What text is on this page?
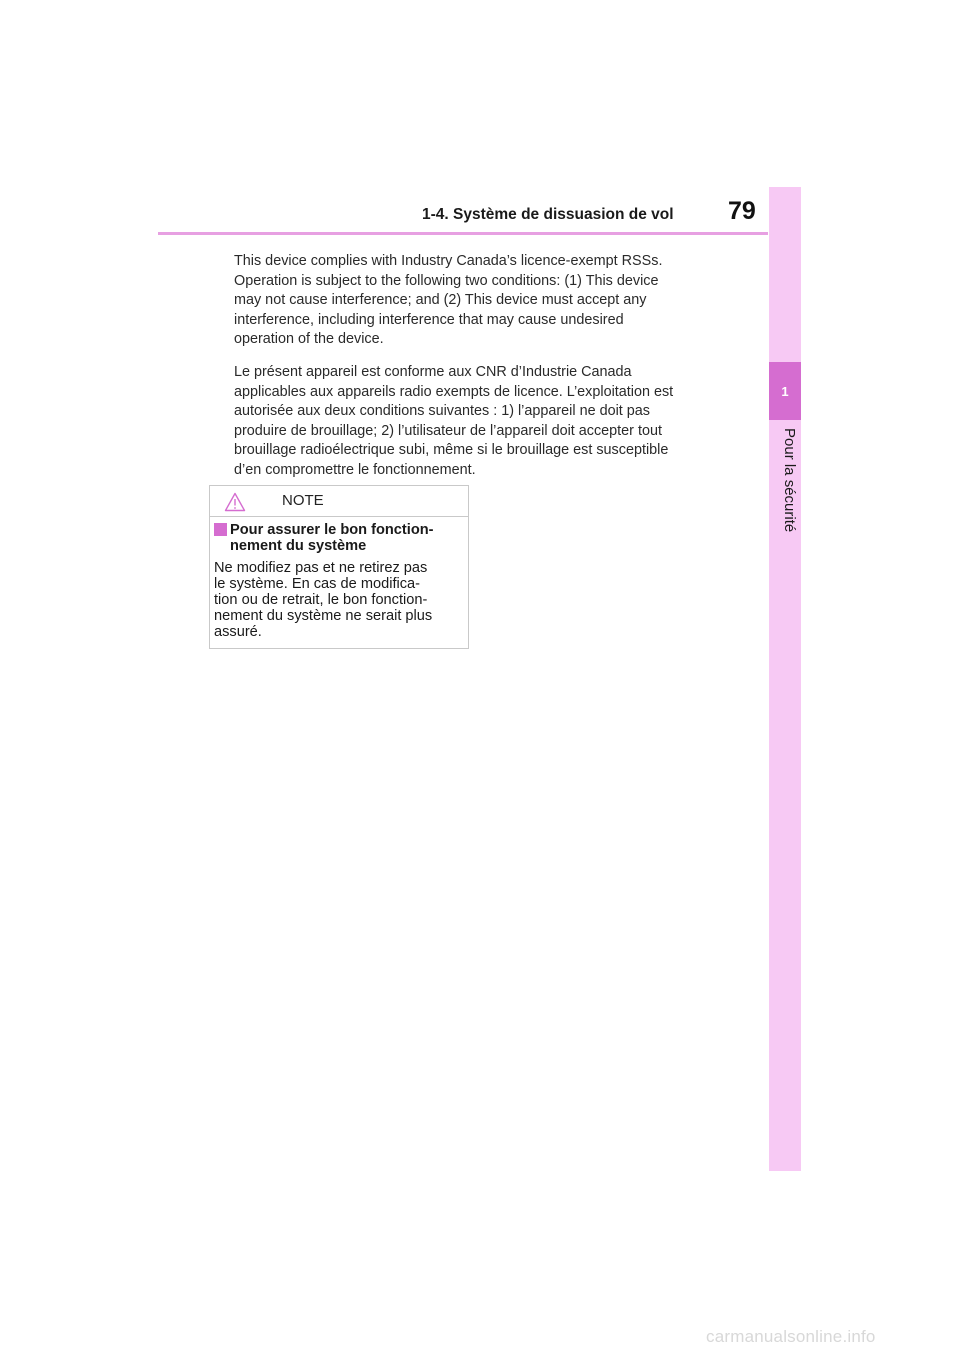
1-4. Système de dissuasion de vol	79
1
Pour la sécurité

This device complies with Industry Canada’s licence-exempt RSSs.
Operation is subject to the following two conditions: (1) This device
may not cause interference; and (2) This device must accept any
interference, including interference that may cause undesired
operation of the device.

Le présent appareil est conforme aux CNR d’Industrie Canada
applicables aux appareils radio exempts de licence. L’exploitation est
autorisée aux deux conditions suivantes : 1) l’appareil ne doit pas
produire de brouillage; 2) l’utilisateur de l’appareil doit accepter tout
brouillage radioélectrique subi, même si le brouillage est susceptible
d’en compromettre le fonctionnement.

NOTE
Pour assurer le bon fonction-
nement du système
Ne modifiez pas et ne retirez pas
le système. En cas de modifica-
tion ou de retrait, le bon fonction-
nement du système ne serait plus
assuré.
carmanualsonline.info
